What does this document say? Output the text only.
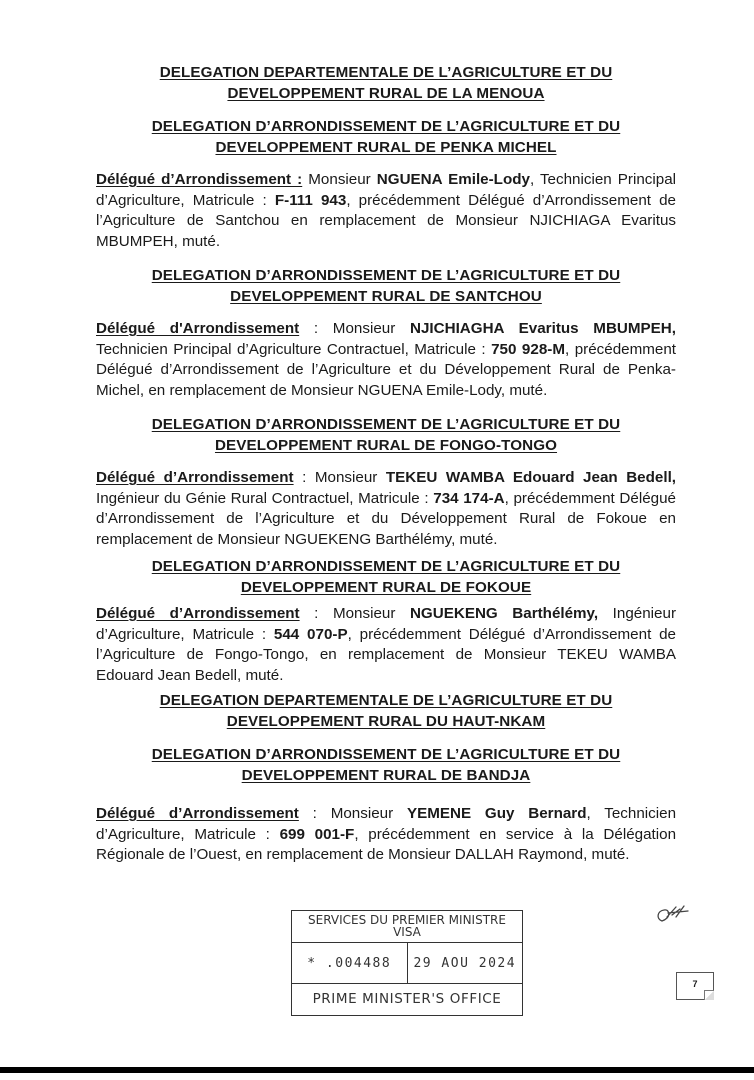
DELEGATION DEPARTEMENTALE DE L’AGRICULTURE ET DU

DEVELOPPEMENT RURAL DE LA MENOUA

DELEGATION D’ARRONDISSEMENT DE L’AGRICULTURE ET DU

DEVELOPPEMENT RURAL DE PENKA MICHEL

Délégué d’Arrondissement : Monsieur NGUENA Emile-Lody, Technicien Principal d’Agriculture, Matricule : F-111 943, précédemment Délégué d’Arrondissement de l’Agriculture de Santchou en remplacement de Monsieur NJICHIAGA Evaritus MBUMPEH, muté.

DELEGATION D’ARRONDISSEMENT DE L’AGRICULTURE ET DU

DEVELOPPEMENT RURAL DE SANTCHOU

Délégué d'Arrondissement : Monsieur NJICHIAGHA Evaritus MBUMPEH, Technicien Principal d’Agriculture Contractuel, Matricule : 750 928-M, précédemment Délégué d’Arrondissement de l’Agriculture et du Développement Rural de Penka-Michel, en remplacement de Monsieur NGUENA Emile-Lody, muté.

DELEGATION D’ARRONDISSEMENT DE L’AGRICULTURE ET DU

DEVELOPPEMENT RURAL DE FONGO-TONGO

Délégué d’Arrondissement : Monsieur TEKEU WAMBA Edouard Jean Bedell, Ingénieur du Génie Rural Contractuel, Matricule : 734 174-A, précédemment Délégué d’Arrondissement de l’Agriculture et du Développement Rural de Fokoue en remplacement de Monsieur NGUEKENG Barthélémy, muté.

DELEGATION D’ARRONDISSEMENT DE L’AGRICULTURE ET DU

DEVELOPPEMENT RURAL DE FOKOUE

Délégué d’Arrondissement : Monsieur NGUEKENG Barthélémy, Ingénieur d’Agriculture, Matricule : 544 070-P, précédemment Délégué d’Arrondissement de l’Agriculture de Fongo-Tongo, en remplacement de Monsieur TEKEU WAMBA Edouard Jean Bedell, muté.

DELEGATION DEPARTEMENTALE DE L’AGRICULTURE ET DU

DEVELOPPEMENT RURAL DU HAUT-NKAM

DELEGATION D’ARRONDISSEMENT DE L’AGRICULTURE ET DU

DEVELOPPEMENT RURAL DE BANDJA

Délégué d’Arrondissement : Monsieur YEMENE Guy Bernard, Technicien d’Agriculture, Matricule : 699 001-F, précédemment en service à la Délégation Régionale de l’Ouest, en remplacement de Monsieur DALLAH Raymond, muté.

SERVICES DU PREMIER MINISTRE
VISA
* .004488	29 AOU 2024
PRIME MINISTER'S OFFICE
7
